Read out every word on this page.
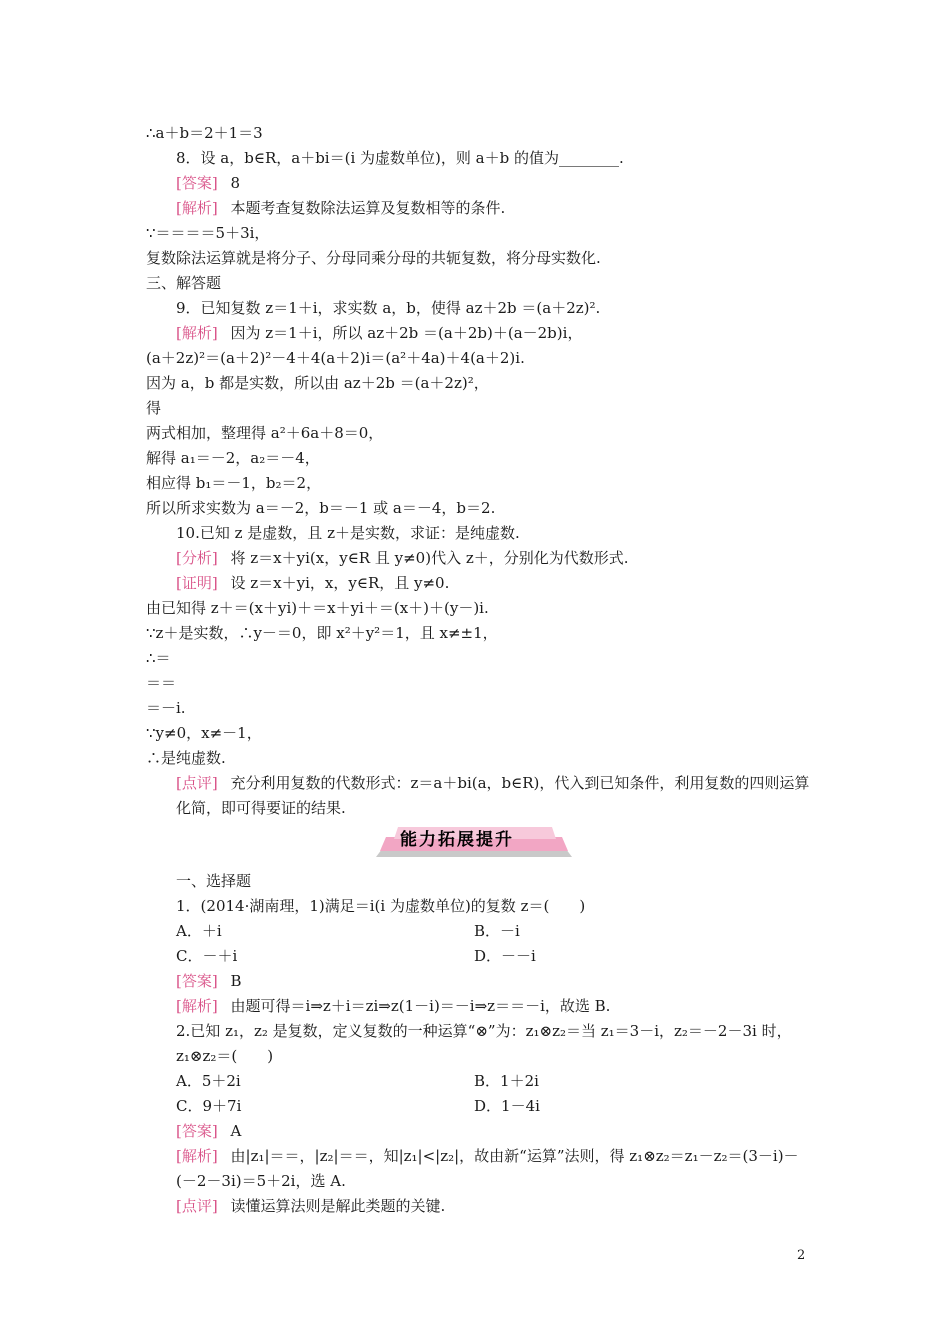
∴a＋b＝2＋1＝3
8．设 a，b∈R，a＋bi＝(i 为虚数单位)，则 a＋b 的值为________.
[ 答案 ] 8
[ 解析 ] 本题考查复数除法运算及复数相等的条件.
∵＝＝＝＝5＋3i，
复数除法运算就是将分子、分母同乘分母的共轭复数，将分母实数化.
三、解答题
9．已知复数 z＝1＋i，求实数 a，b，使得 az＋2b ＝(a＋2z)².
[ 解析 ] 因为 z＝1＋i，所以 az＋2b ＝(a＋2b)＋(a－2b)i，
(a＋2z)²＝(a＋2)²－4＋4(a＋2)i＝(a²＋4a)＋4(a＋2)i.
因为 a，b 都是实数，所以由 az＋2b ＝(a＋2z)²，
得
两式相加，整理得 a²＋6a＋8＝0，
解得 a₁＝－2，a₂＝－4，
相应得 b₁＝－1，b₂＝2，
所以所求实数为 a＝－2，b＝－1 或 a＝－4，b＝2.
10.已知 z 是虚数，且 z＋是实数，求证：是纯虚数.
[ 分析 ] 将 z＝x＋yi(x，y∈R 且 y≠0)代入 z＋，分别化为代数形式.
[ 证明 ] 设 z＝x＋yi，x，y∈R，且 y≠0.
由已知得 z＋＝(x＋yi)＋＝x＋yi＋＝(x＋)＋(y－)i.
∵z＋是实数，∴y－＝0，即 x²＋y²＝1，且 x≠±1，
∴＝
＝＝
＝－i.
∵y≠0，x≠－1，
∴是纯虚数.
[ 点评 ] 充分利用复数的代数形式：z＝a＋bi(a，b∈R)，代入到已知条件，利用复数的四则运算化简，即可得要证的结果.
能力拓展提升
一、选择题
1．(2014·湖南理，1)满足＝i(i 为虚数单位)的复数 z＝(　　)
A．＋i	B．－i
C．－＋i	D．－－i
[ 答案 ] B
[ 解析 ] 由题可得＝i⇒z＋i＝zi⇒z(1－i)＝－i⇒z＝＝－i，故选 B.
2.已知 z₁，z₂ 是复数，定义复数的一种运算“⊗”为：z₁⊗z₂＝当 z₁＝3－i，z₂＝－2－3i 时，z₁⊗z₂＝(　　)
A．5＋2i	B．1＋2i
C．9＋7i	D．1－4i
[ 答案 ] A
[ 解析 ] 由|z₁|＝＝，|z₂|＝＝，知|z₁|<|z₂|，故由新“运算”法则，得 z₁⊗z₂＝z₁－z₂＝(3－i)－(－2－3i)＝5＋2i，选 A.
[ 点评 ] 读懂运算法则是解此类题的关键.
2
